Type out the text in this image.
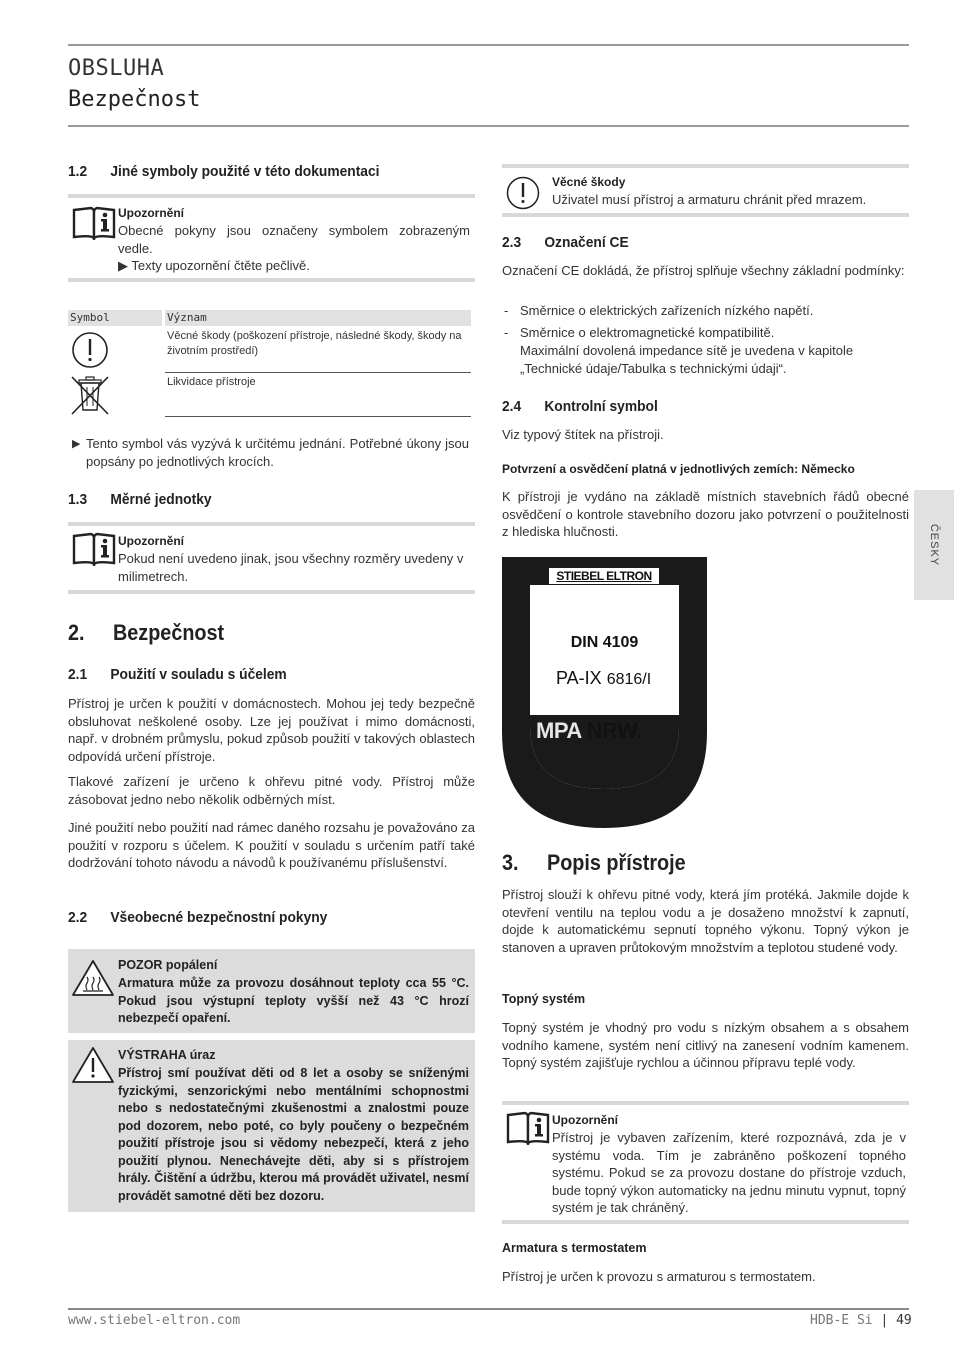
OBSLUHA
Bezpečnost
ČESKY
1.2 Jiné symboly použité v této dokumentaci
Upozornění
Obecné pokyny jsou označeny symbolem zobrazeným vedle.
▶ Texty upozornění čtěte pečlivě.
Symbol	Význam
Věcné škody (poškození přístroje, následné škody, škody na životním prostředí)
Likvidace přístroje
▶ Tento symbol vás vyzývá k určitému jednání. Potřebné úkony jsou popsány po jednotlivých krocích.
1.3 Měrné jednotky
Upozornění
Pokud není uvedeno jinak, jsou všechny rozměry uvedeny v milimetrech.
2. Bezpečnost
2.1 Použití v souladu s účelem
Přístroj je určen k použití v domácnostech. Mohou jej tedy bezpečně obsluhovat neškolené osoby. Lze jej používat i mimo domácnosti, např. v drobném průmyslu, pokud způsob použití v takových oblastech odpovídá určení přístroje.
Tlakové zařízení je určeno k ohřevu pitné vody. Přístroj může zásobovat jedno nebo několik odběrných míst.
Jiné použití nebo použití nad rámec daného rozsahu je považováno za použití v rozporu s účelem. K použití v souladu s určením patří také dodržování tohoto návodu a návodů k používanému příslušenství.
2.2 Všeobecné bezpečnostní pokyny
POZOR popálení
Armatura může za provozu dosáhnout teploty cca 55 °C. Pokud jsou výstupní teploty vyšší než 43 °C hrozí nebezpečí opaření.
VÝSTRAHA úraz
Přístroj smí používat děti od 8 let a osoby se sníženými fyzickými, senzorickými nebo mentálními schopnostmi nebo s nedostatečnými zkušenostmi a znalostmi pouze pod dozorem, nebo poté, co byly poučeny o bezpečném použití přístroje jsou si vědomy nebezpečí, která z jeho použití plynou. Nenechávejte děti, aby si s přístrojem hrály. Čištění a údržbu, kterou má provádět uživatel, nesmí provádět samotné děti bez dozoru.
Věcné škody
Uživatel musí přístroj a armaturu chránit před mrazem.
2.3 Označení CE
Označení CE dokládá, že přístroj splňuje všechny základní podmínky:
- Směrnice o elektrických zařízeních nízkého napětí.
- Směrnice o elektromagnetické kompatibilitě.
Maximální dovolená impedance sítě je uvedena v kapitole „Technické údaje/Tabulka s technickými údaji“.
2.4 Kontrolní symbol
Viz typový štítek na přístroji.
Potvrzení a osvědčení platná v jednotlivých zemích: Německo
K přístroji je vydáno na základě místních stavebních řádů obecné osvědčení o kontrole stavebního dozoru jako potvrzení o použitelnosti z hlediska hlučnosti.
STIEBEL ELTRON
DIN 4109
PA-IX 6816/I
MPA NRW.
3. Popis přístroje
Přístroj slouží k ohřevu pitné vody, která jím protéká. Jakmile dojde k otevření ventilu na teplou vodu a je dosaženo množství k zapnutí, dojde k automatickému sepnutí topného výkonu. Topný výkon je stanoven a upraven průtokovým množstvím a teplotou studené vody.
Topný systém
Topný systém je vhodný pro vodu s nízkým obsahem a s obsahem vodního kamene, systém není citlivý na zanesení vodním kamenem. Topný systém zajišťuje rychlou a účinnou přípravu teplé vody.
Upozornění
Přístroj je vybaven zařízením, které rozpoznává, zda je v systému voda. Tím je zabráněno poškození topného systému. Pokud se za provozu dostane do přístroje vzduch, bude topný výkon automaticky na jednu minutu vypnut, topný systém je tak chráněný.
Armatura s termostatem
Přístroj je určen k provozu s armaturou s termostatem.
www.stiebel-eltron.com	HDB-E Si | 49
